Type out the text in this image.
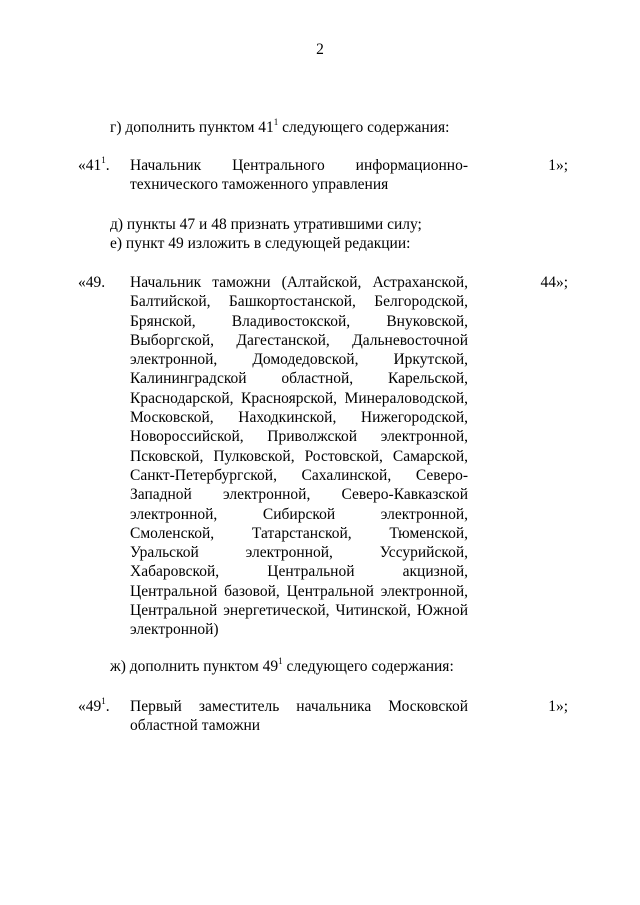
2
г) дополнить пунктом $41^1$ следующего содержания:
«$41^1$. Начальник Центрального информационно-технического таможенного управления
1»;
д) пункты 47 и 48 признать утратившими силу;
е) пункт 49 изложить в следующей редакции:
«49. Начальник таможни (Алтайской, Астраханской, Балтийской, Башкортостанской, Белгородской, Брянской, Владивостокской, Внуковской, Выборгской, Дагестанской, Дальневосточной электронной, Домодедовской, Иркутской, Калининградской областной, Карельской, Краснодарской, Красноярской, Минераловодской, Московской, Находкинской, Нижегородской, Новороссийской, Приволжской электронной, Псковской, Пулковской, Ростовской, Самарской, Санкт-Петербургской, Сахалинской, Северо-Западной электронной, Северо-Кавказской электронной, Сибирской электронной, Смоленской, Татарстанской, Тюменской, Уральской электронной, Уссурийской, Хабаровской, Центральной акцизной, Центральной базовой, Центральной электронной, Центральной энергетической, Читинской, Южной электронной)
44»;
ж) дополнить пунктом $49^1$ следующего содержания:
«$49^1$. Первый заместитель начальника Московской областной таможни
1»;
